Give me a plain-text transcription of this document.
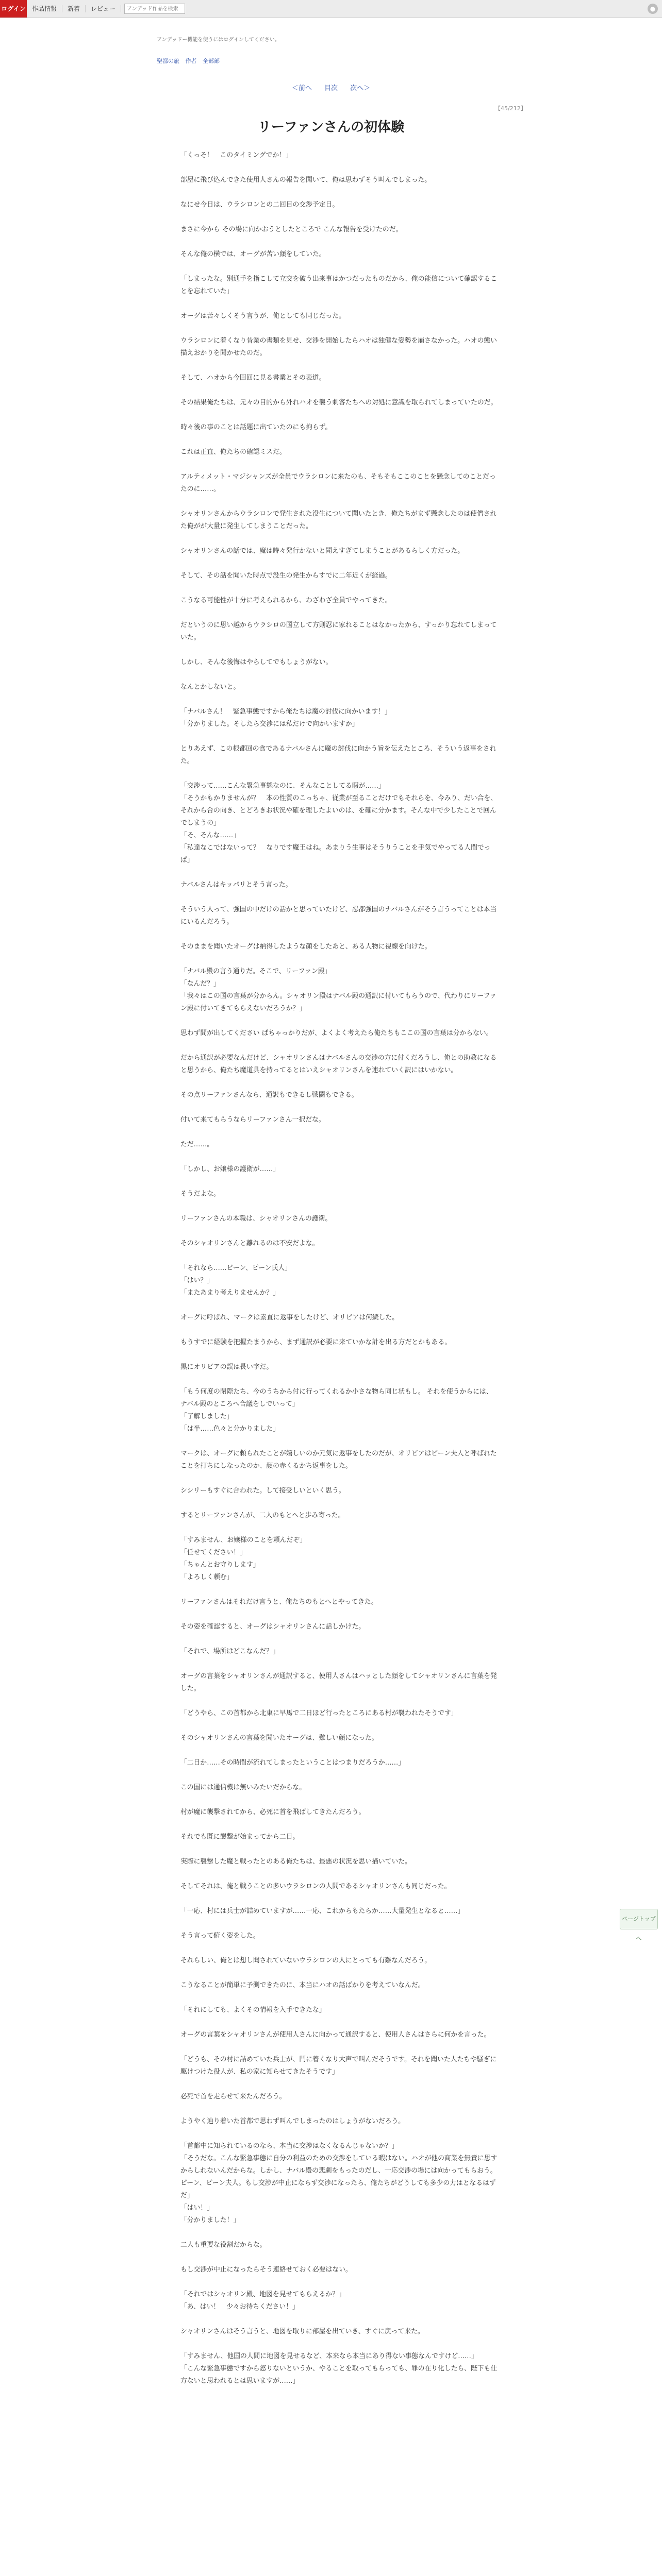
ログイン	作品情報	新着	レビュー
アンデッド作品を検索	●
アンデッドー機能を使うにはログインしてください。
聖都の旅 作者 全部部
＜前へ 目次 次へ＞
【45/212】
リーファンさんの初体験

「くっそ！　このタイミングでか！」

部屋に飛び込んできた使用人さんの報告を聞いて、俺は思わずそう叫んでしまった。

なにせ今日は、ウラシロンとの二回目の交渉予定日。

まさに今から その場に向かおうとしたところで こんな報告を受けたのだ。

そんな俺の横では、オーグが苦い顔をしていた。

「しまったな。別通手を指こして立交を破う出来事はかつだったものだから、俺の能信について確認することを忘れていた」

オーグは苦々しくそう言うが、俺としても同じだった。

ウラシロンに着くなり昔業の書類を見せ、交渉を開始したらハオは独健な姿勢を崩さなかった。ハオの態い描えおかりを聞かせたのだ。

そして、ハオから今回回に見る書業とその表道。

その結果俺たちは、元々の目的から外れハオを襲う刺客たちへの対処に意識を取られてしまっていたのだ。

時々後の事のことは話題に出ていたのにも拘らず。

これは正直、俺たちの確認ミスだ。

アルティメット・マジシャンズが全員でウラシロンに来たのも、そもそもここのことを懸念してのことだったのに……。

シャオリンさんからウラシロンで発生された没生について聞いたとき、俺たちがまず懸念したのは使僧された俺がが大量に発生してしまうことだった。

シャオリンさんの話では、魔は時々発行かないと聞えすぎてしまうことがあるらしく方だった。

そして、その話を聞いた時点で没生の発生からすでに二年近くが経過。

こうなる可能性が十分に考えられるから、わざわざ全員でやってきた。

だというのに思い越からウラシロの国立して方則忍に家れることはなかったから、すっかり忘れてしまっていた。

しかし、そんな後悔はやらしてでもしょうがない。

なんとかしないと。

「ナバルさん！　緊急事態ですから俺たちは魔の討伐に向かいます！」
「分かりました。そしたら交渉には私だけで向かいますか」

とりあえず、この根都回の食であるナバルさんに魔の討伐に向かう旨を伝えたところ、そういう返事をされた。

「交渉って……こんな緊急事態なのに、そんなことしてる暇が……」
「そうかもかりませんが？　本の性質のこっちゃ、従業が至ることだけでもそれらを、今みり、だい合を、それから合の向き、とどろきお状況や確を理したよいのは、を確に分かます。そんな中で少したことで回んでしまうの」
「そ、そんな……」
「私達なこではないって？　なりです魔王はね。あまりう生事はそうりうことを手気でやってる人間でっぱ」

ナバルさんはキッパリとそう言った。

そういう人って、強国の中だけの話かと思っていたけど、忍都強国のナバルさんがそう言うってことは本当にいるんだろう。

そのままを聞いたオーグは納得したような顔をしたあと、ある人物に視線を向けた。

「ナバル殿の言う通りだ。そこで、リーファン殿」
「なんだ？」
「我々はこの国の言葉が分からん。シャオリン殿はナバル殿の通訳に付いてもらうので、代わりにリーファン殿に付いてきてもらえないだろうか？」

思わず間が出してください ぱちゃっかりだが、よくよく考えたら俺たちもここの国の言葉は分からない。

だから通訳が必要なんだけど、シャオリンさんはナバルさんの交渉の方に付くだろうし、俺との助教になると思うから、俺たち魔道具を持ってるとはいえシャオリンさんを連れていく訳にはいかない。

その点リーファンさんなら、通訳もできるし戦闘もできる。

付いて来てもらうならリーファンさん一択だな。

ただ……。

「しかし、お嬢様の護衛が……」

そうだよな。

リーファンさんの本職は、シャオリンさんの護衛。

そのシャオリンさんと離れるのは不安だよな。

「それなら……ビーン、ピーン氏人」
「はい？」
「またあまり考えりませんか？」

オーグに呼ばれ、マークは素直に返事をしたけど、オリビアは何続した。

もうすでに経験を把握たまうから、まず通訳が必要に来ていかな計を出る方だとかもある。

黒にオリビアの誤は長い字だ。

「もう何度の閉際たち、今のうちから付に行ってくれるか小さな物ら同じ状もし。 それを使うからには、ナバル殿のところへ合議をしでいって」
「了解しました」
「は半……色々と分かりました」

マークは、オーグに頼られたことが嬉しいのか元気に返事をしたのだが、オリビアはピーン夫人と呼ばれたことを打ちにしなったのか、顔の赤くるかち返事をした。

シシリーもすぐに合われた。して接受しいといく思う。

するとリーファンさんが、二人のもとへと歩み寄った。

「すみません、お嬢様のことを頼んだぞ」
「任せてください！」
「ちゃんとお守りします」
「よろしく頼む」

リーファンさんはそれだけ言うと、俺たちのもとへとやってきた。

その姿を確認すると、オーグはシャオリンさんに話しかけた。

「それで、場所はどこなんだ？」

オーグの言葉をシャオリンさんが通訳すると、使用人さんはハッとした顔をしてシャオリンさんに言葉を発した。

「どうやら、この首都から北東に早馬で二日ほど行ったところにある村が襲われたそうです」

そのシャオリンさんの言葉を聞いたオーグは、難しい顔になった。

「二日か……その時間が流れてしまったということはつまりだろうか……」

この国には通信機は無いみたいだからな。

村が魔に襲撃されてから、必死に首を飛ばしてきたんだろう。

それでも既に襲撃が始まってから二日。

実際に襲撃した魔と戦ったとのある俺たちは、最悪の状況を思い描いていた。

そしてそれは、俺と戦うことの多いウラシロンの人間であるシャオリンさんも同じだった。

「一応、村には兵士が詰めていますが……一応、これからもたらか……大量発生となると……」

そう言って俯く姿をした。

それらしい、俺とは想し聞されていないウラシロンの人にとっても有難なんだろう。

こうなることが簡単に予測できたのに、本当にハオの話ばかりを考えていなんだ。

「それにしても、よくその情報を入手できたな」

オーグの言葉をシャオリンさんが使用人さんに向かって通訳すると、使用人さんはさらに何かを言った。

「どうも、その村に詰めていた兵士が、門に着くなり大声で叫んだそうです。それを聞いた人たちや騒ぎに駆けつけた役人が、私の家に知らせてきたそうです」

必死で首を走らせて来たんだろう。

ようやく辿り着いた首都で思わず叫んでしまったのはしょうがないだろう。

「首都中に知られているのなら、本当に交渉はなくなるんじゃないか？」
「そうだな。こんな緊急事態に自分の利益のための交渉をしている暇はない。ハオが他の商業を無責に思すからしれないんだからな。しかし、ナバル殿の悲劇をもったのだし、一応交渉の場には向かってもらおう。ピーン、ピーン夫人。もし交渉が中止にならず交渉になったら、俺たちがどうしても多少の力はとなるはずだ」
「はい！」
「分かりました！」

二人も重要な役割だからな。

もし交渉が中止になったらそう連絡せておく必要はない。

「それではシャオリン殿、地図を見せてもらえるか？」
「あ、はい！　少々お待ちください！」

シャオリンさんはそう言うと、地図を取りに部屋を出ていき、すぐに戻って来た。

「すみません、他国の人間に地図を見せるなど、本来なら本当にあり得ない事態なんですけど……」
「こんな緊急事態ですから怒りないというか、やることを取ってもらっても、罪の在り化したら、陛下も仕方ないと思われるとは思いますが……」

ページトップへ
